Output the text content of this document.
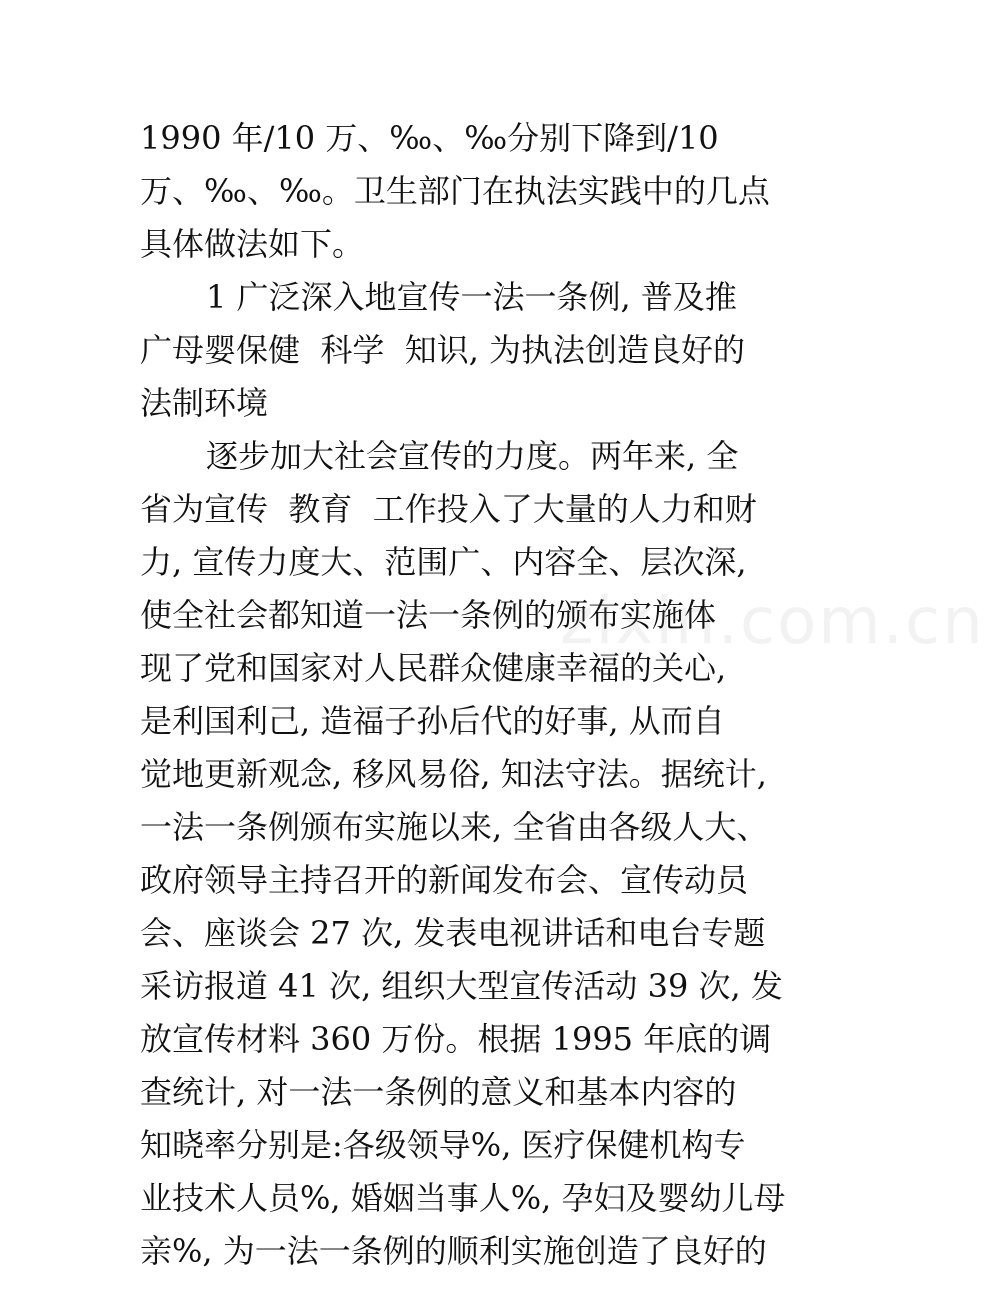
1990 年/10 万、‰、‰分别下降到/10
万、‰、‰。卫生部门在执法实践中的几点
具体做法如下。
1 广泛深入地宣传一法一条例, 普及推
广母婴保健  科学  知识, 为执法创造良好的
法制环境
逐步加大社会宣传的力度。两年来, 全
省为宣传  教育  工作投入了大量的人力和财
力, 宣传力度大、范围广、内容全、层次深,
使全社会都知道一法一条例的颁布实施体
现了党和国家对人民群众健康幸福的关心,
是利国利己, 造福子孙后代的好事, 从而自
觉地更新观念, 移风易俗, 知法守法。据统计,
一法一条例颁布实施以来, 全省由各级人大、
政府领导主持召开的新闻发布会、宣传动员
会、座谈会 27 次, 发表电视讲话和电台专题
采访报道 41 次, 组织大型宣传活动 39 次, 发
放宣传材料 360 万份。根据 1995 年底的调
查统计, 对一法一条例的意义和基本内容的
知晓率分别是:各级领导%, 医疗保健机构专
业技术人员%, 婚姻当事人%, 孕妇及婴幼儿母
亲%, 为一法一条例的顺利实施创造了良好的
zixin.com.cn
